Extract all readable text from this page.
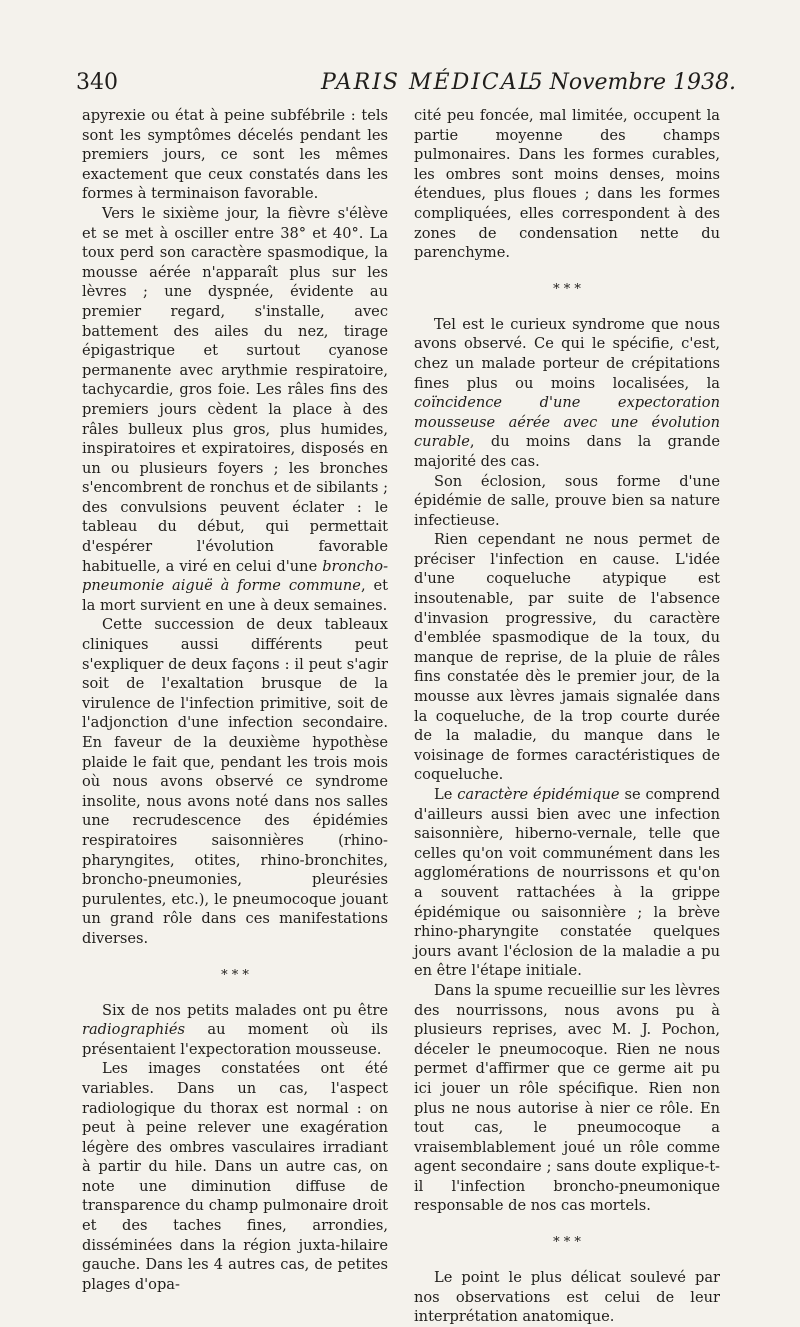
340	PARIS MÉDICAL
5 Novembre 1938.

apyrexie ou état à peine subfébrile : tels sont les symptômes décelés pendant les premiers jours, ce sont les mêmes exactement que ceux constatés dans les formes à terminaison favorable.

Vers le sixième jour, la fièvre s'élève et se met à osciller entre 38° et 40°. La toux perd son caractère spasmodique, la mousse aérée n'apparaît plus sur les lèvres ; une dyspnée, évidente au premier regard, s'installe, avec battement des ailes du nez, tirage épigastrique et surtout cyanose permanente avec arythmie respiratoire, tachycardie, gros foie. Les râles fins des premiers jours cèdent la place à des râles bulleux plus gros, plus humides, inspiratoires et expiratoires, disposés en un ou plusieurs foyers ; les bronches s'encombrent de ronchus et de sibilants ; des convulsions peuvent éclater : le tableau du début, qui permettait d'espérer l'évolution favorable habituelle, a viré en celui d'une broncho-pneumonie aiguë à forme commune, et la mort survient en une à deux semaines.

Cette succession de deux tableaux cliniques aussi différents peut s'expliquer de deux façons : il peut s'agir soit de l'exaltation brusque de la virulence de l'infection primitive, soit de l'adjonction d'une infection secondaire. En faveur de la deuxième hypothèse plaide le fait que, pendant les trois mois où nous avons observé ce syndrome insolite, nous avons noté dans nos salles une recrudescence des épidémies respiratoires saisonnières (rhino-pharyngites, otites, rhino-bronchites, broncho-pneumonies, pleurésies purulentes, etc.), le pneumocoque jouant un grand rôle dans ces manifestations diverses.

* * *

Six de nos petits malades ont pu être radiographiés au moment où ils présentaient l'expectoration mousseuse.

Les images constatées ont été variables. Dans un cas, l'aspect radiologique du thorax est normal : on peut à peine relever une exagération légère des ombres vasculaires irradiant à partir du hile. Dans un autre cas, on note une diminution diffuse de transparence du champ pulmonaire droit et des taches fines, arrondies, disséminées dans la région juxta-hilaire gauche. Dans les 4 autres cas, de petites plages d'opa-

cité peu foncée, mal limitée, occupent la partie moyenne des champs pulmonaires. Dans les formes curables, les ombres sont moins denses, moins étendues, plus floues ; dans les formes compliquées, elles correspondent à des zones de condensation nette du parenchyme.

* * *

Tel est le curieux syndrome que nous avons observé. Ce qui le spécifie, c'est, chez un malade porteur de crépitations fines plus ou moins localisées, la coïncidence d'une expectoration mousseuse aérée avec une évolution curable, du moins dans la grande majorité des cas.

Son éclosion, sous forme d'une épidémie de salle, prouve bien sa nature infectieuse.

Rien cependant ne nous permet de préciser l'infection en cause. L'idée d'une coqueluche atypique est insoutenable, par suite de l'absence d'invasion progressive, du caractère d'emblée spasmodique de la toux, du manque de reprise, de la pluie de râles fins constatée dès le premier jour, de la mousse aux lèvres jamais signalée dans la coqueluche, de la trop courte durée de la maladie, du manque dans le voisinage de formes caractéristiques de coqueluche.

Le caractère épidémique se comprend d'ailleurs aussi bien avec une infection saisonnière, hiberno-vernale, telle que celles qu'on voit communément dans les agglomérations de nourrissons et qu'on a souvent rattachées à la grippe épidémique ou saisonnière ; la brève rhino-pharyngite constatée quelques jours avant l'éclosion de la maladie a pu en être l'étape initiale.

Dans la spume recueillie sur les lèvres des nourrissons, nous avons pu à plusieurs reprises, avec M. J. Pochon, déceler le pneumocoque. Rien ne nous permet d'affirmer que ce germe ait pu ici jouer un rôle spécifique. Rien non plus ne nous autorise à nier ce rôle. En tout cas, le pneumocoque a vraisemblablement joué un rôle comme agent secondaire ; sans doute explique-t-il l'infection broncho-pneumonique responsable de nos cas mortels.

* * *

Le point le plus délicat soulevé par nos observations est celui de leur interprétation anatomique.
